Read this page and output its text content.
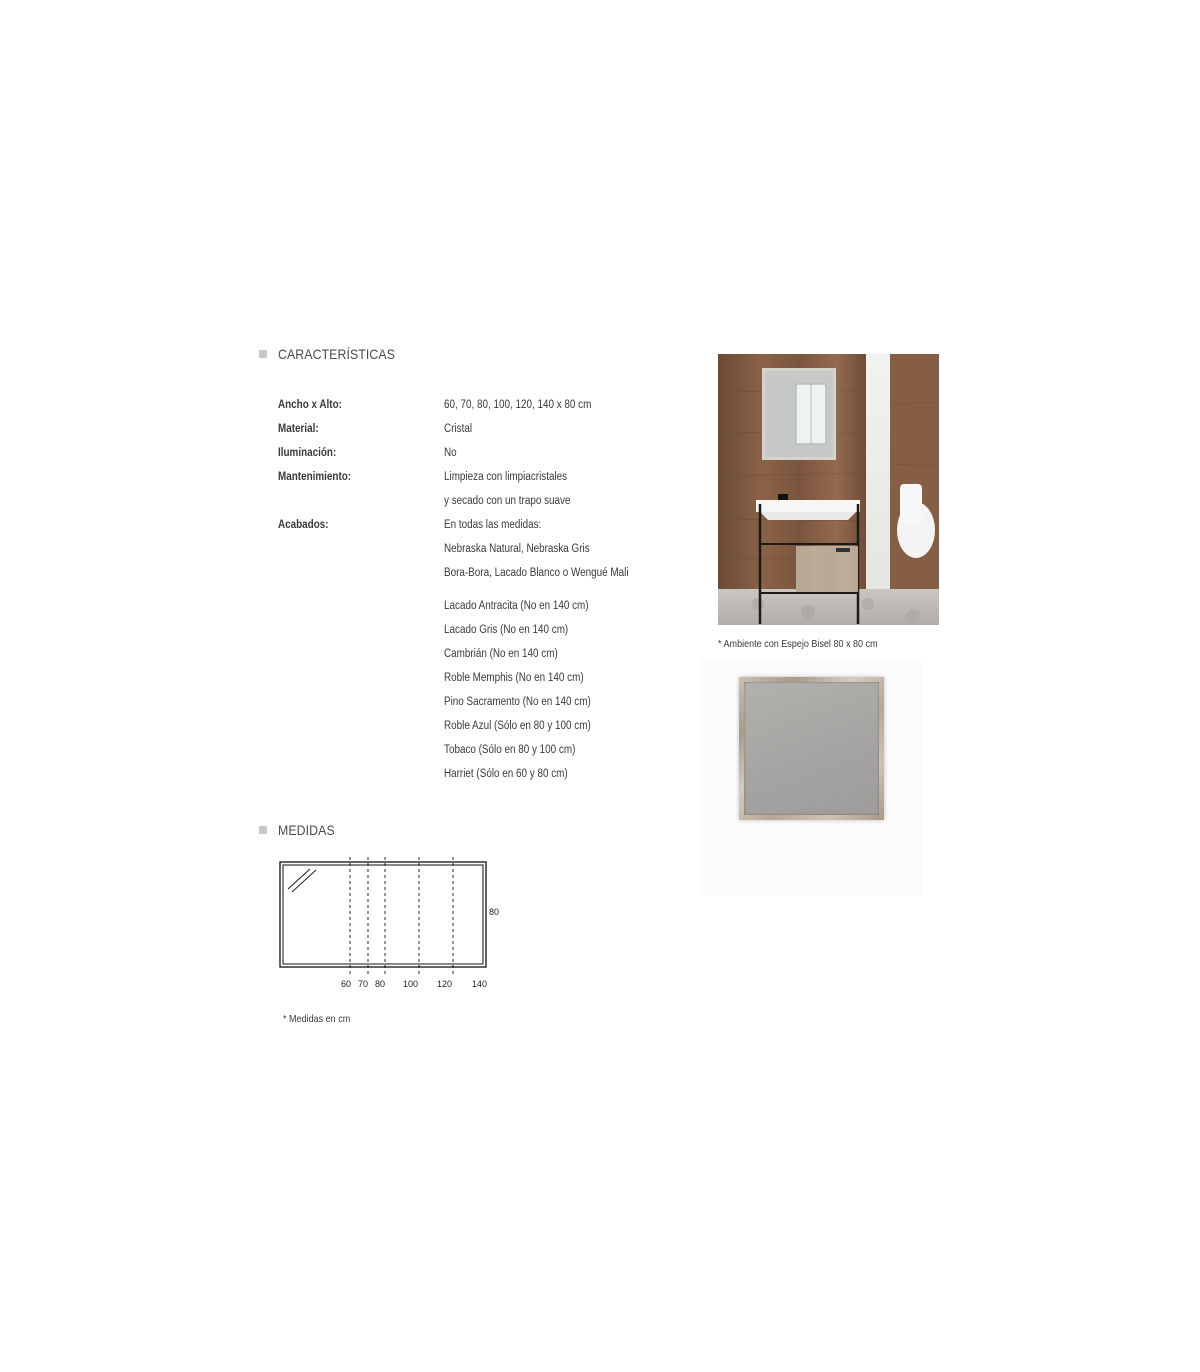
CARACTERÍSTICAS
Ancho x Alto:	60, 70, 80, 100, 120, 140 x 80 cm
Material:	Cristal
Iluminación:	No
Mantenimiento:	Limpieza con limpiacristales
y secado con un trapo suave
Acabados:	En todas las medidas:
Nebraska Natural, Nebraska Gris
Bora-Bora, Lacado Blanco o Wengué Mali
Lacado Antracita (No en 140 cm)
Lacado Gris (No en 140 cm)
Cambrián (No en 140 cm)
Roble Memphis (No en 140 cm)
Pino Sacramento (No en 140 cm)
Roble Azul (Sólo en 80 y 100 cm)
Tobaco (Sólo en 80 y 100 cm)
Harriet (Sólo en 60 y 80 cm)
* Ambiente con Espejo Bisel 80 x 80 cm
MEDIDAS
80
60 70 80 100 120 140
* Medidas en cm
